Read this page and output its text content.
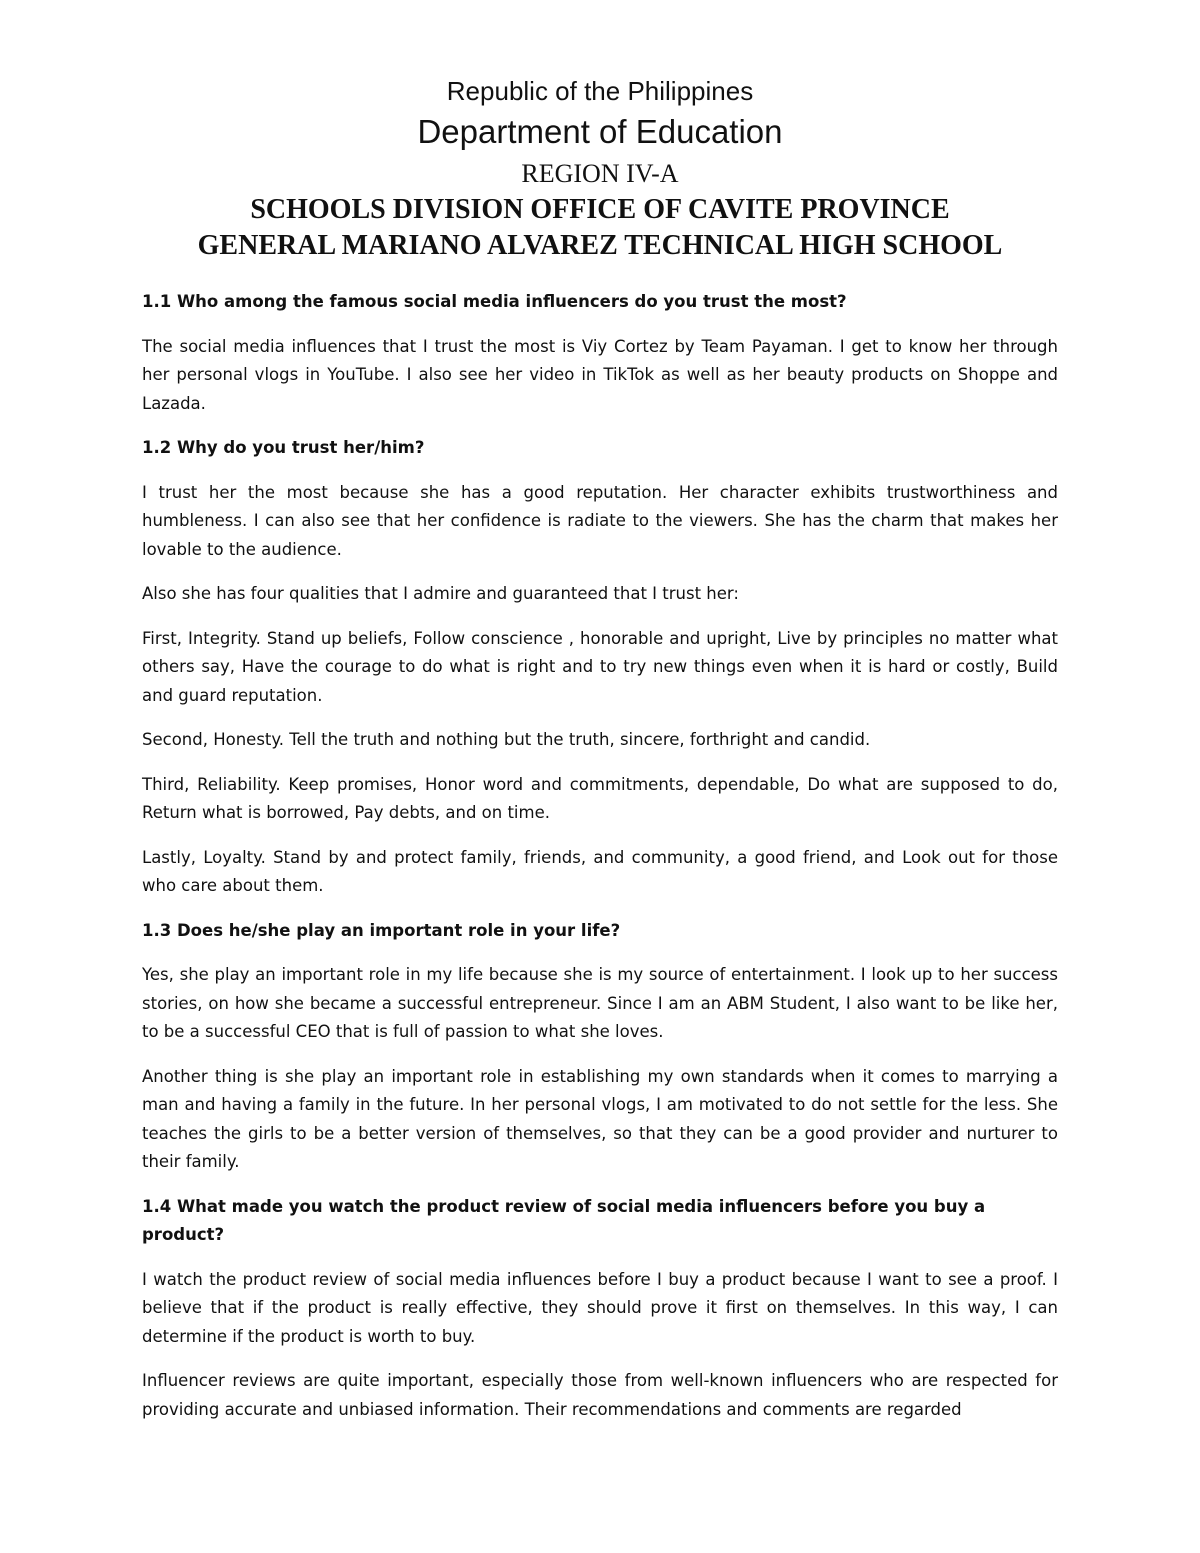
Republic of the Philippines
Department of Education
REGION IV-A
SCHOOLS DIVISION OFFICE OF CAVITE PROVINCE
GENERAL MARIANO ALVAREZ TECHNICAL HIGH SCHOOL

1.1 Who among the famous social media influencers do you trust the most?

The social media influences that I trust the most is Viy Cortez by Team Payaman. I get to know her through her personal vlogs in YouTube. I also see her video in TikTok as well as her beauty products on Shoppe and Lazada.

1.2 Why do you trust her/him?

I trust her the most because she has a good reputation. Her character exhibits trustworthiness and humbleness. I can also see that her confidence is radiate to the viewers. She has the charm that makes her lovable to the audience.

Also she has four qualities that I admire and guaranteed that I trust her:

First, Integrity. Stand up beliefs, Follow conscience , honorable and upright, Live by principles no matter what others say, Have the courage to do what is right and to try new things even when it is hard or costly, Build and guard reputation.

Second, Honesty. Tell the truth and nothing but the truth, sincere, forthright and candid.

Third, Reliability. Keep promises, Honor word and commitments, dependable, Do what are supposed to do, Return what is borrowed, Pay debts, and on time.

Lastly, Loyalty. Stand by and protect family, friends, and community, a good friend, and Look out for those who care about them.

1.3 Does he/she play an important role in your life?

Yes, she play an important role in my life because she is my source of entertainment. I look up to her success stories, on how she became a successful entrepreneur. Since I am an ABM Student, I also want to be like her, to be a successful CEO that is full of passion to what she loves.

Another thing is she play an important role in establishing my own standards when it comes to marrying a man and having a family in the future. In her personal vlogs, I am motivated to do not settle for the less. She teaches the girls to be a better version of themselves, so that they can be a good provider and nurturer to their family.

1.4 What made you watch the product review of social media influencers before you buy a product?

I watch the product review of social media influences before I buy a product because I want to see a proof. I believe that if the product is really effective, they should prove it first on themselves. In this way, I can determine if the product is worth to buy.

Influencer reviews are quite important, especially those from well-known influencers who are respected for providing accurate and unbiased information. Their recommendations and comments are regarded
